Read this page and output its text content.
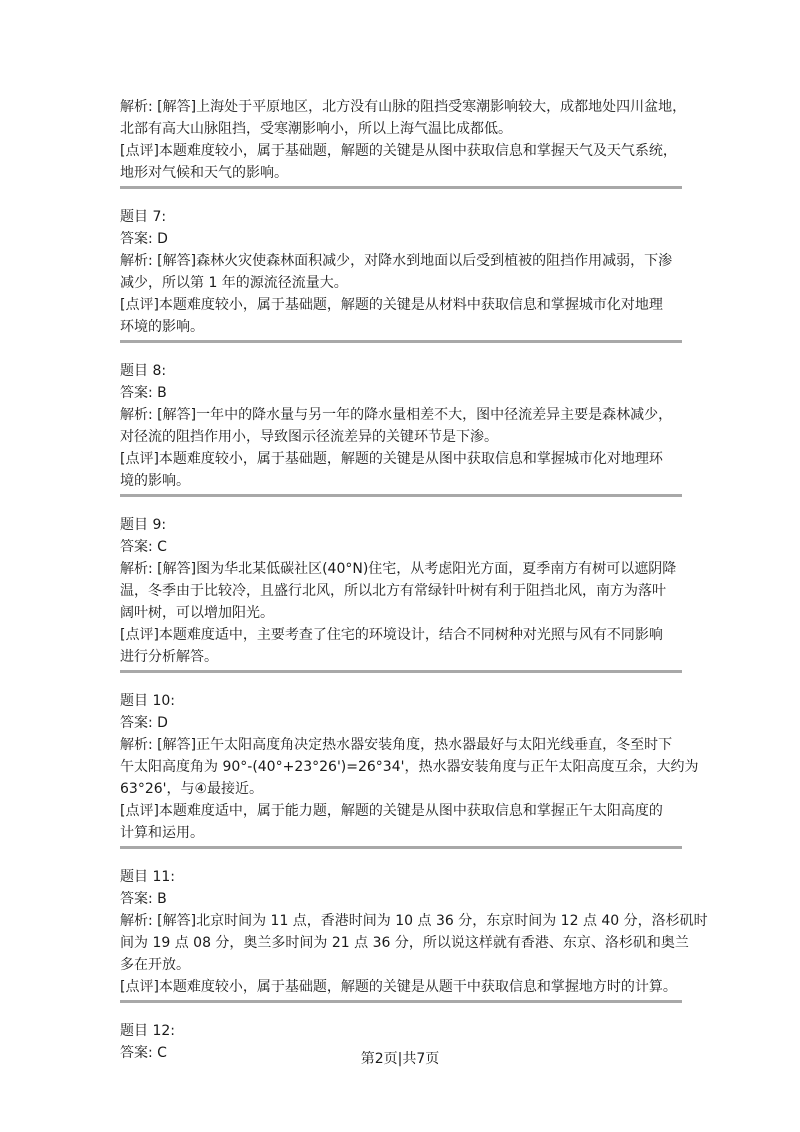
解析: [解答]上海处于平原地区，北方没有山脉的阻挡受寒潮影响较大，成都地处四川盆地，

北部有高大山脉阻挡，受寒潮影响小，所以上海气温比成都低。

[点评]本题难度较小，属于基础题，解题的关键是从图中获取信息和掌握天气及天气系统，

地形对气候和天气的影响。

题目 7:

答案: D

解析: [解答]森林火灾使森林面积减少，对降水到地面以后受到植被的阻挡作用减弱，下渗

减少，所以第 1 年的源流径流量大。

[点评]本题难度较小，属于基础题，解题的关键是从材料中获取信息和掌握城市化对地理

环境的影响。

题目 8:

答案: B

解析: [解答]一年中的降水量与另一年的降水量相差不大，图中径流差异主要是森林减少，

对径流的阻挡作用小，导致图示径流差异的关键环节是下渗。

[点评]本题难度较小，属于基础题，解题的关键是从图中获取信息和掌握城市化对地理环

境的影响。

题目 9:

答案: C

解析: [解答]图为华北某低碳社区(40°N)住宅，从考虑阳光方面，夏季南方有树可以遮阴降

温，冬季由于比较冷，且盛行北风，所以北方有常绿针叶树有利于阻挡北风，南方为落叶

阔叶树，可以增加阳光。

[点评]本题难度适中，主要考查了住宅的环境设计，结合不同树种对光照与风有不同影响

进行分析解答。

题目 10:

答案: D

解析: [解答]正午太阳高度角决定热水器安装角度，热水器最好与太阳光线垂直，冬至时下

午太阳高度角为 90°-(40°+23°26')=26°34'，热水器安装角度与正午太阳高度互余，大约为

63°26'，与④最接近。

[点评]本题难度适中，属于能力题，解题的关键是从图中获取信息和掌握正午太阳高度的

计算和运用。

题目 11:

答案: B

解析: [解答]北京时间为 11 点，香港时间为 10 点 36 分，东京时间为 12 点 40 分，洛杉矶时

间为 19 点 08 分，奥兰多时间为 21 点 36 分，所以说这样就有香港、东京、洛杉矶和奥兰

多在开放。

[点评]本题难度较小，属于基础题，解题的关键是从题干中获取信息和掌握地方时的计算。

题目 12:

答案: C	第2页|共7页
